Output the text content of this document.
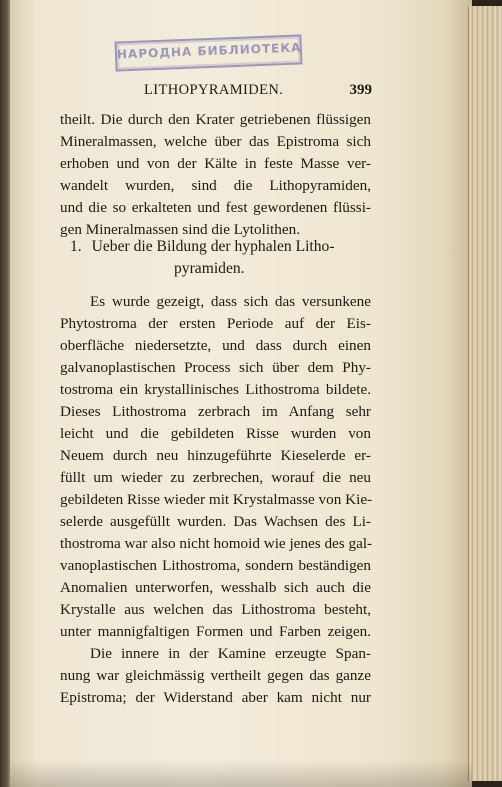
НАРОДНА БИБЛИОТЕКА
LITHOPYRAMIDEN.	399
theilt. Die durch den Krater getriebenen flüssigen
Mineralmassen, welche über das Epistroma sich
erhoben und von der Kälte in feste Masse ver-
wandelt wurden, sind die Lithopyramiden,
und die so erkalteten und fest gewordenen flüssi-
gen Mineralmassen sind die Lytolithen.
1. Ueber die Bildung der hyphalen Litho-
pyramiden.
Es wurde gezeigt, dass sich das versunkene
Phytostroma der ersten Periode auf der Eis-
oberfläche niedersetzte, und dass durch einen
galvanoplastischen Process sich über dem Phy-
tostroma ein krystallinisches Lithostroma bildete.
Dieses Lithostroma zerbrach im Anfang sehr
leicht und die gebildeten Risse wurden von
Neuem durch neu hinzugeführte Kieselerde er-
füllt um wieder zu zerbrechen, worauf die neu
gebildeten Risse wieder mit Krystalmasse von Kie-
selerde ausgefüllt wurden. Das Wachsen des Li-
thostroma war also nicht homoid wie jenes des gal-
vanoplastischen Lithostroma, sondern beständigen
Anomalien unterworfen, wesshalb sich auch die
Krystalle aus welchen das Lithostroma besteht,
unter mannigfaltigen Formen und Farben zeigen.
Die innere in der Kamine erzeugte Span-
nung war gleichmässig vertheilt gegen das ganze
Epistroma; der Widerstand aber kam nicht nur
